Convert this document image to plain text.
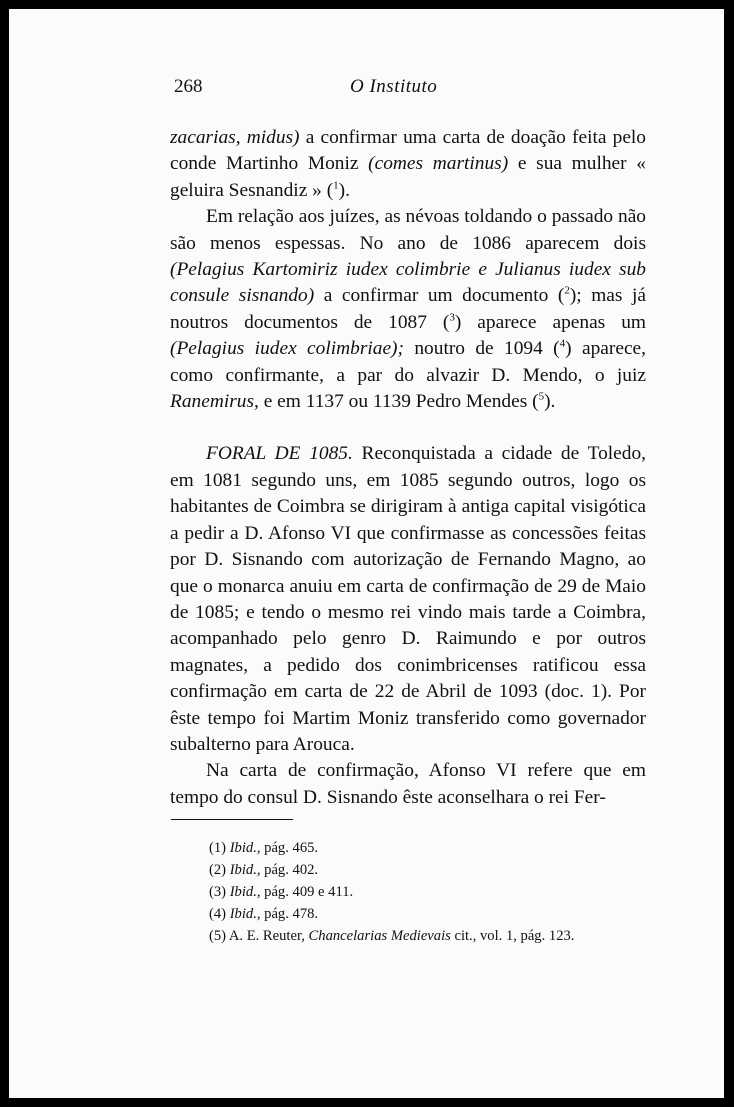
268	O Instituto

zacarias, midus) a confirmar uma carta de doação feita pelo conde Martinho Moniz (comes martinus) e sua mulher « geluira Sesnandiz » ($^1$).

Em relação aos juízes, as névoas toldando o passado não são menos espessas. No ano de 1086 aparecem dois (Pelagius Kartomiriz iudex colimbrie e Julianus iudex sub consule sisnando) a confirmar um documento ($^2$); mas já noutros documentos de 1087 ($^3$) aparece apenas um (Pelagius iudex colimbriae); noutro de 1094 ($^4$) aparece, como confirmante, a par do alvazir D. Mendo, o juiz Ranemirus, e em 1137 ou 1139 Pedro Mendes ($^5$).

FORAL DE 1085. Reconquistada a cidade de Toledo, em 1081 segundo uns, em 1085 segundo outros, logo os habitantes de Coimbra se dirigiram à antiga capital visigótica a pedir a D. Afonso VI que confirmasse as concessões feitas por D. Sisnando com autorização de Fernando Magno, ao que o monarca anuiu em carta de confirmação de 29 de Maio de 1085; e tendo o mesmo rei vindo mais tarde a Coimbra, acompanhado pelo genro D. Raimundo e por outros magnates, a pedido dos conimbricenses ratificou essa confirmação em carta de 22 de Abril de 1093 (doc. 1). Por êste tempo foi Martim Moniz transferido como governador subalterno para Arouca.

Na carta de confirmação, Afonso VI refere que em tempo do consul D. Sisnando êste aconselhara o rei Fer-

(1) Ibid., pág. 465.
(2) Ibid., pág. 402.
(3) Ibid., pág. 409 e 411.
(4) Ibid., pág. 478.
(5) A. E. Reuter, Chancelarias Medievais cit., vol. 1, pág. 123.
